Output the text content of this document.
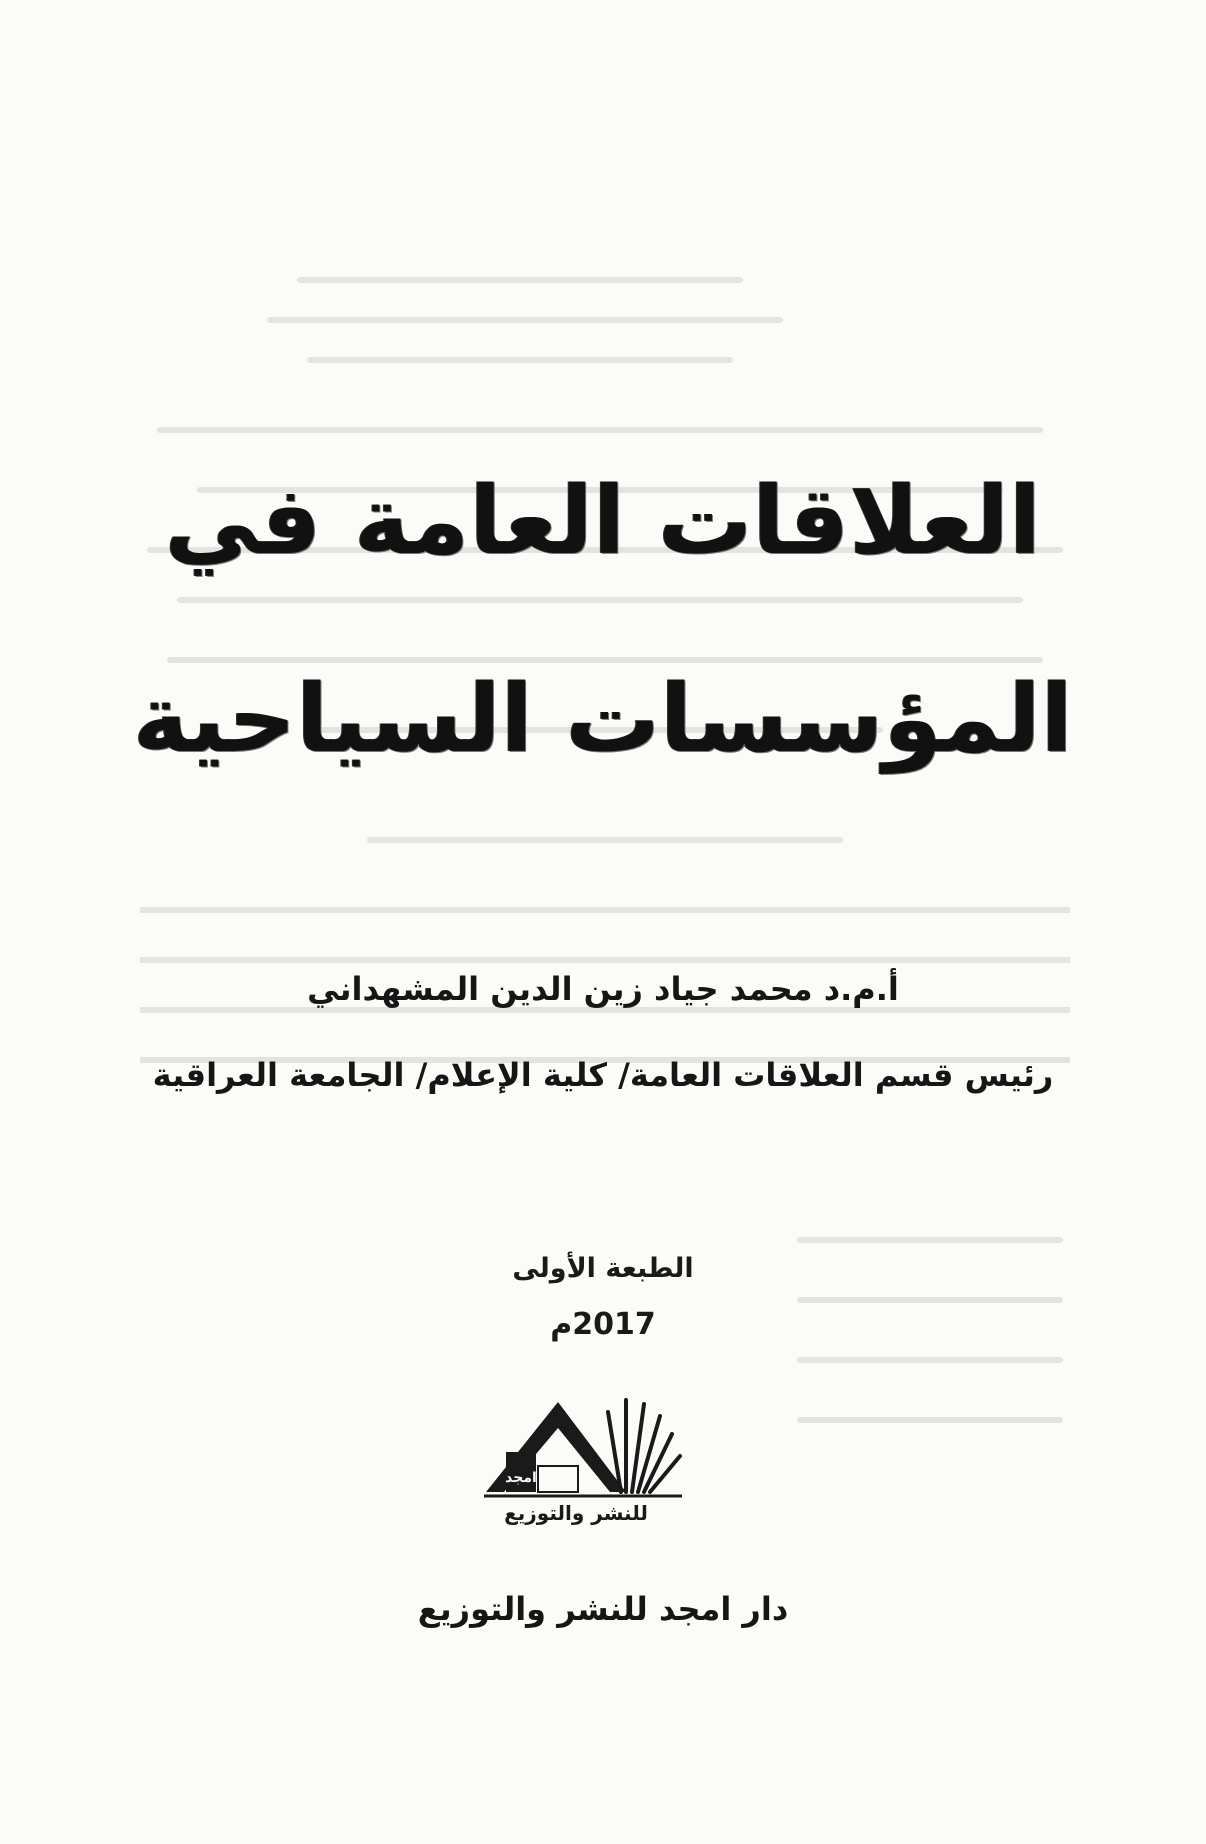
العلاقات العامة في
المؤسسات السياحية
أ.م.د محمد جياد زين الدين المشهداني
رئيس قسم العلاقات العامة/ كلية الإعلام/ الجامعة العراقية
الطبعة الأولى
2017م
امجد
للنشر والتوزيع
دار امجد للنشر والتوزيع
